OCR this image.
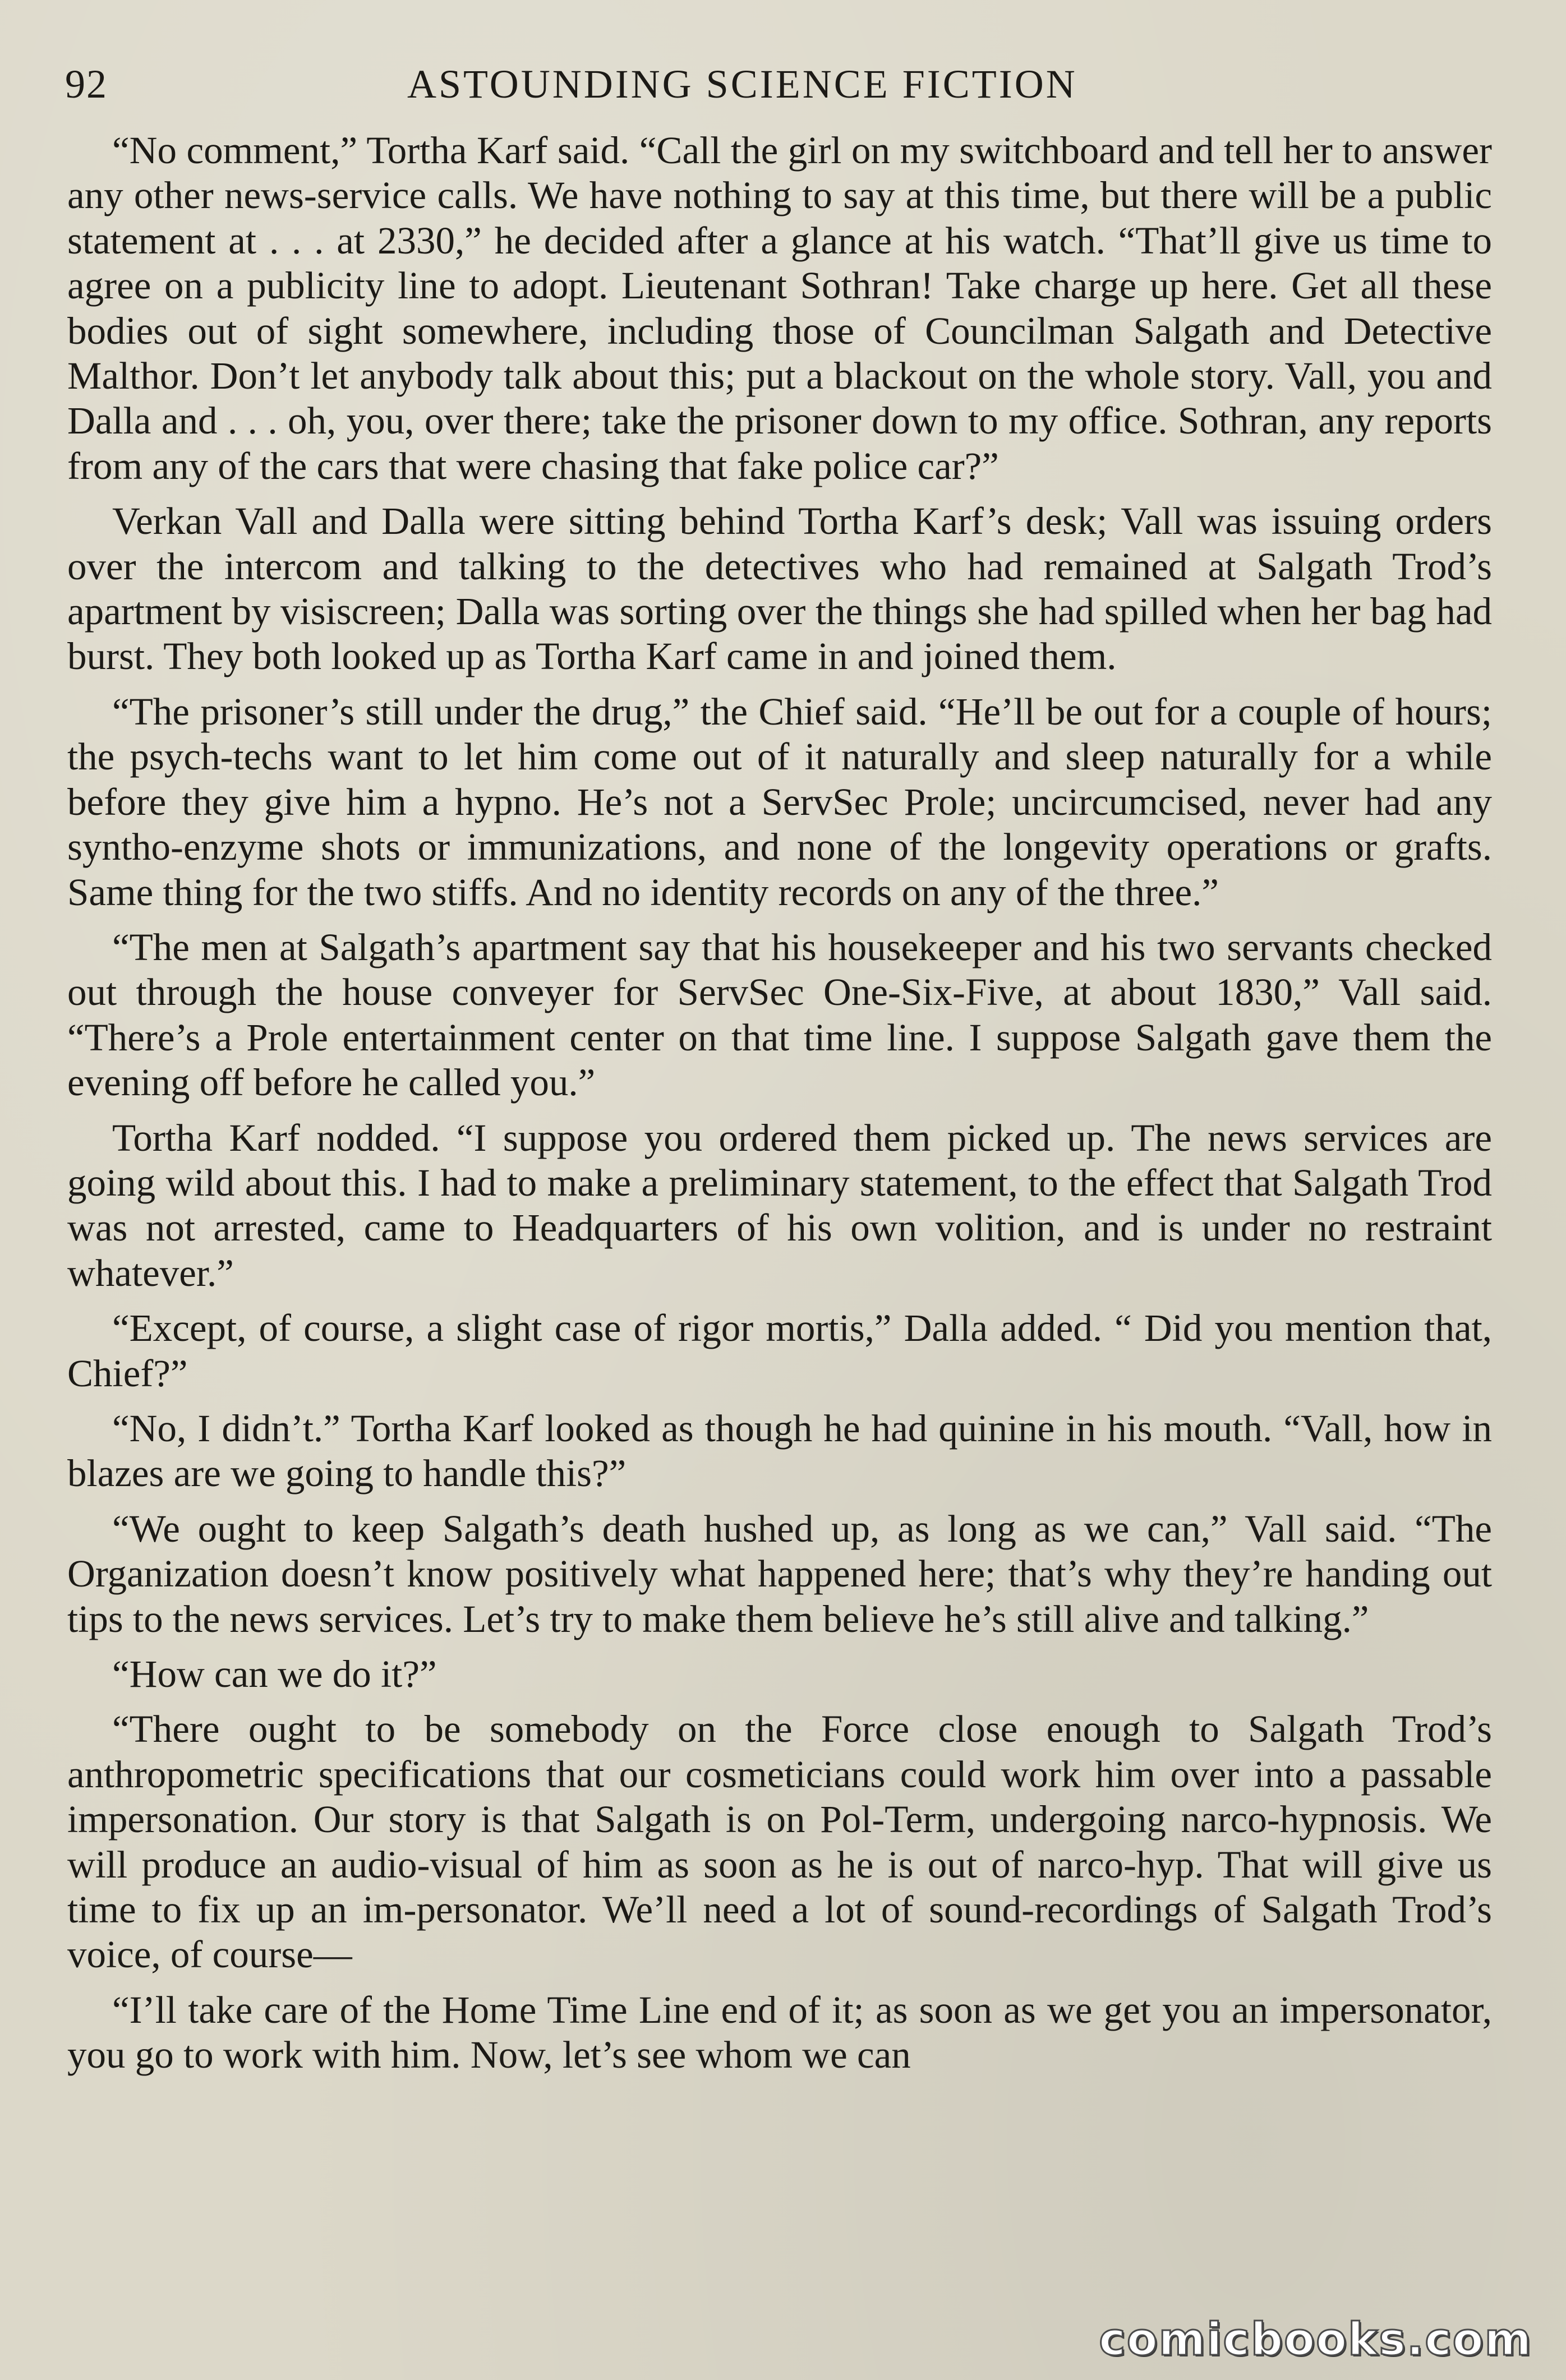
92	ASTOUNDING SCIENCE FICTION

“No comment,” Tortha Karf said. “Call the girl on my switchboard and tell her to answer any other news-service calls. We have nothing to say at this time, but there will be a public statement at . . . at 2330,” he decided after a glance at his watch. “That’ll give us time to agree on a publicity line to adopt. Lieutenant Sothran! Take charge up here. Get all these bodies out of sight somewhere, including those of Councilman Salgath and Detective Malthor. Don’t let anybody talk about this; put a blackout on the whole story. Vall, you and Dalla and . . . oh, you, over there; take the prisoner down to my office. Sothran, any reports from any of the cars that were chasing that fake police car?”

Verkan Vall and Dalla were sitting behind Tortha Karf’s desk; Vall was issuing orders over the intercom and talking to the detectives who had remained at Salgath Trod’s apartment by visiscreen; Dalla was sorting over the things she had spilled when her bag had burst. They both looked up as Tortha Karf came in and joined them.

“The prisoner’s still under the drug,” the Chief said. “He’ll be out for a couple of hours; the psych-techs want to let him come out of it naturally and sleep naturally for a while before they give him a hypno. He’s not a ServSec Prole; uncircumcised, never had any syntho-enzyme shots or immunizations, and none of the longevity operations or grafts. Same thing for the two stiffs. And no identity records on any of the three.”

“The men at Salgath’s apartment say that his housekeeper and his two servants checked out through the house conveyer for ServSec One-Six-Five, at about 1830,” Vall said. “There’s a Prole entertainment center on that time line. I suppose Salgath gave them the evening off before he called you.”

Tortha Karf nodded. “I suppose you ordered them picked up. The news services are going wild about this. I had to make a preliminary statement, to the effect that Salgath Trod was not arrested, came to Headquarters of his own volition, and is under no restraint whatever.”

“Except, of course, a slight case of rigor mortis,” Dalla added. “ Did you mention that, Chief?”

“No, I didn’t.” Tortha Karf looked as though he had quinine in his mouth. “Vall, how in blazes are we going to handle this?”

“We ought to keep Salgath’s death hushed up, as long as we can,” Vall said. “The Organization doesn’t know positively what happened here; that’s why they’re handing out tips to the news services. Let’s try to make them believe he’s still alive and talking.”

“How can we do it?”

“There ought to be somebody on the Force close enough to Salgath Trod’s anthropometric specifications that our cosmeticians could work him over into a passable impersonation. Our story is that Salgath is on Pol-Term, undergoing narco-hypnosis. We will produce an audio-visual of him as soon as he is out of narco-hyp. That will give us time to fix up an im-personator. We’ll need a lot of sound-recordings of Salgath Trod’s voice, of course—

“I’ll take care of the Home Time Line end of it; as soon as we get you an impersonator, you go to work with him. Now, let’s see whom we can

comicbooks.com
